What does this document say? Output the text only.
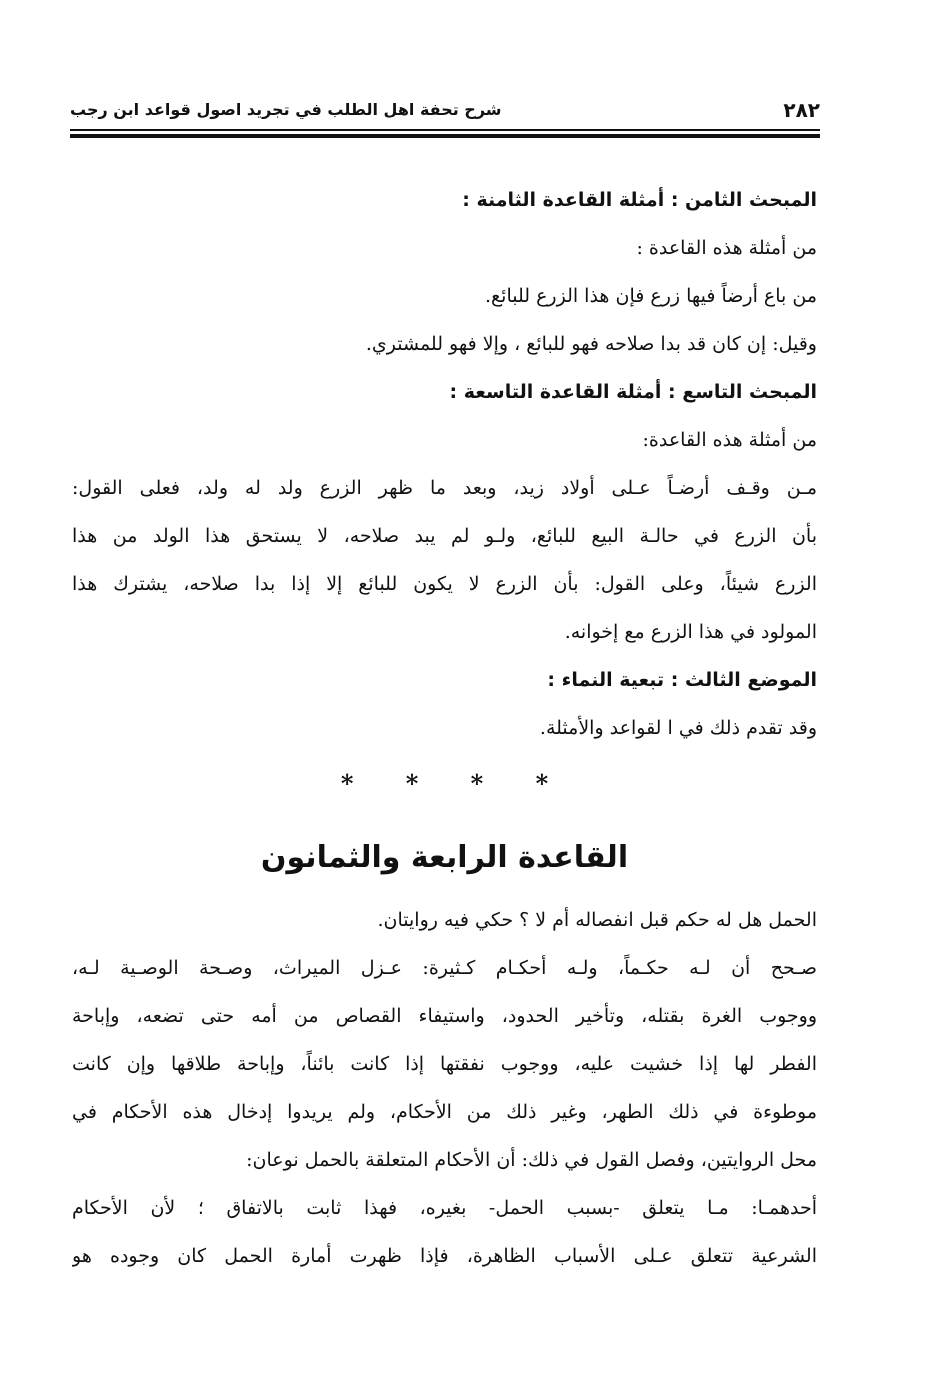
٢٨٢
شرح تحفة اهل الطلب في تجريد اصول قواعد ابن رجب
المبحث الثامن : أمثلة القاعدة الثامنة :
من أمثلة هذه القاعدة :
من باع أرضاً فيها زرع فإن هذا الزرع للبائع.
وقيل: إن كان قد بدا صلاحه فهو للبائع ، وإلا فهو للمشتري.
المبحث التاسع : أمثلة القاعدة التاسعة :
من أمثلة هذه القاعدة:
مـن وقـف أرضـاً عـلى أولاد زيد، وبعد ما ظهر الزرع ولد له ولد، فعلى القول:
بأن الزرع في حالـة البيع للبائع، ولـو لم يبد صلاحه، لا يستحق هذا الولد من هذا
الزرع شيئاً، وعلى القول: بأن الزرع لا يكون للبائع إلا إذا بدا صلاحه، يشترك هذا
المولود في هذا الزرع مع إخوانه.
الموضع الثالث : تبعية النماء :
وقد تقدم ذلك في ا لقواعد والأمثلة.
* * * *
القاعدة الرابعة والثمانون
الحمل هل له حكم قبل انفصاله أم لا ؟ حكي فيه روايتان.
صـحح أن لـه حكـماً، ولـه أحكـام كـثيرة: عـزل الميراث، وصـحة الوصـية لـه،
ووجوب الغرة بقتله، وتأخير الحدود، واستيفاء القصاص من أمه حتى تضعه، وإباحة
الفطر لها إذا خشيت عليه، ووجوب نفقتها إذا كانت بائناً، وإباحة طلاقها وإن كانت
موطوءة في ذلك الطهر، وغير ذلك من الأحكام، ولم يريدوا إدخال هذه الأحكام في
محل الروايتين، وفصل القول في ذلك: أن الأحكام المتعلقة بالحمل نوعان:
أحدهمـا: مـا يتعلق -بسبب الحمل- بغيره، فهذا ثابت بالاتفاق ؛ لأن الأحكام
الشرعية تتعلق عـلى الأسباب الظاهرة، فإذا ظهرت أمارة الحمل كان وجوده هو
